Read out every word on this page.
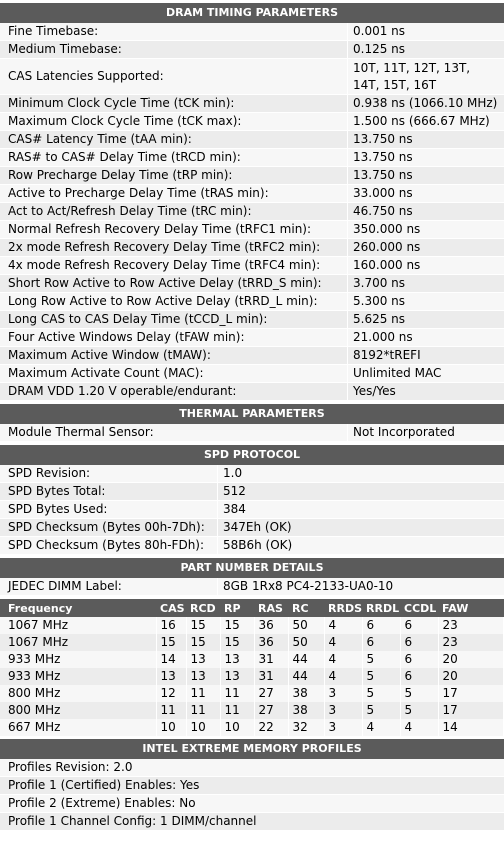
DRAM TIMING PARAMETERS
Fine Timebase:	0.001 ns
Medium Timebase:	0.125 ns
CAS Latencies Supported:
10T, 11T, 12T, 13T, 14T, 15T, 16T
Minimum Clock Cycle Time (tCK min):	0.938 ns (1066.10 MHz)
Maximum Clock Cycle Time (tCK max):	1.500 ns (666.67 MHz)
CAS# Latency Time (tAA min):	13.750 ns
RAS# to CAS# Delay Time (tRCD min):	13.750 ns
Row Precharge Delay Time (tRP min):	13.750 ns
Active to Precharge Delay Time (tRAS min):	33.000 ns
Act to Act/Refresh Delay Time (tRC min):	46.750 ns
Normal Refresh Recovery Delay Time (tRFC1 min):	350.000 ns
2x mode Refresh Recovery Delay Time (tRFC2 min):	260.000 ns
4x mode Refresh Recovery Delay Time (tRFC4 min):	160.000 ns
Short Row Active to Row Active Delay (tRRD_S min):	3.700 ns
Long Row Active to Row Active Delay (tRRD_L min):	5.300 ns
Long CAS to CAS Delay Time (tCCD_L min):	5.625 ns
Four Active Windows Delay (tFAW min):	21.000 ns
Maximum Active Window (tMAW):	8192*tREFI
Maximum Activate Count (MAC):	Unlimited MAC
DRAM VDD 1.20 V operable/endurant:	Yes/Yes
THERMAL PARAMETERS
Module Thermal Sensor:	Not Incorporated
SPD PROTOCOL
SPD Revision:	1.0
SPD Bytes Total:	512
SPD Bytes Used:	384
SPD Checksum (Bytes 00h-7Dh):	347Eh (OK)
SPD Checksum (Bytes 80h-FDh):	58B6h (OK)
PART NUMBER DETAILS
JEDEC DIMM Label:	8GB 1Rx8 PC4-2133-UA0-10
Frequency	CAS	RCD	RP	RAS	RC	RRDS	RRDL	CCDL	FAW
1067 MHz	16	15	15	36	50	4	6	6	23
1067 MHz	15	15	15	36	50	4	6	6	23
933 MHz	14	13	13	31	44	4	5	6	20
933 MHz	13	13	13	31	44	4	5	6	20
800 MHz	12	11	11	27	38	3	5	5	17
800 MHz	11	11	11	27	38	3	5	5	17
667 MHz	10	10	10	22	32	3	4	4	14
INTEL EXTREME MEMORY PROFILES
Profiles Revision: 2.0
Profile 1 (Certified) Enables: Yes
Profile 2 (Extreme) Enables: No
Profile 1 Channel Config: 1 DIMM/channel
